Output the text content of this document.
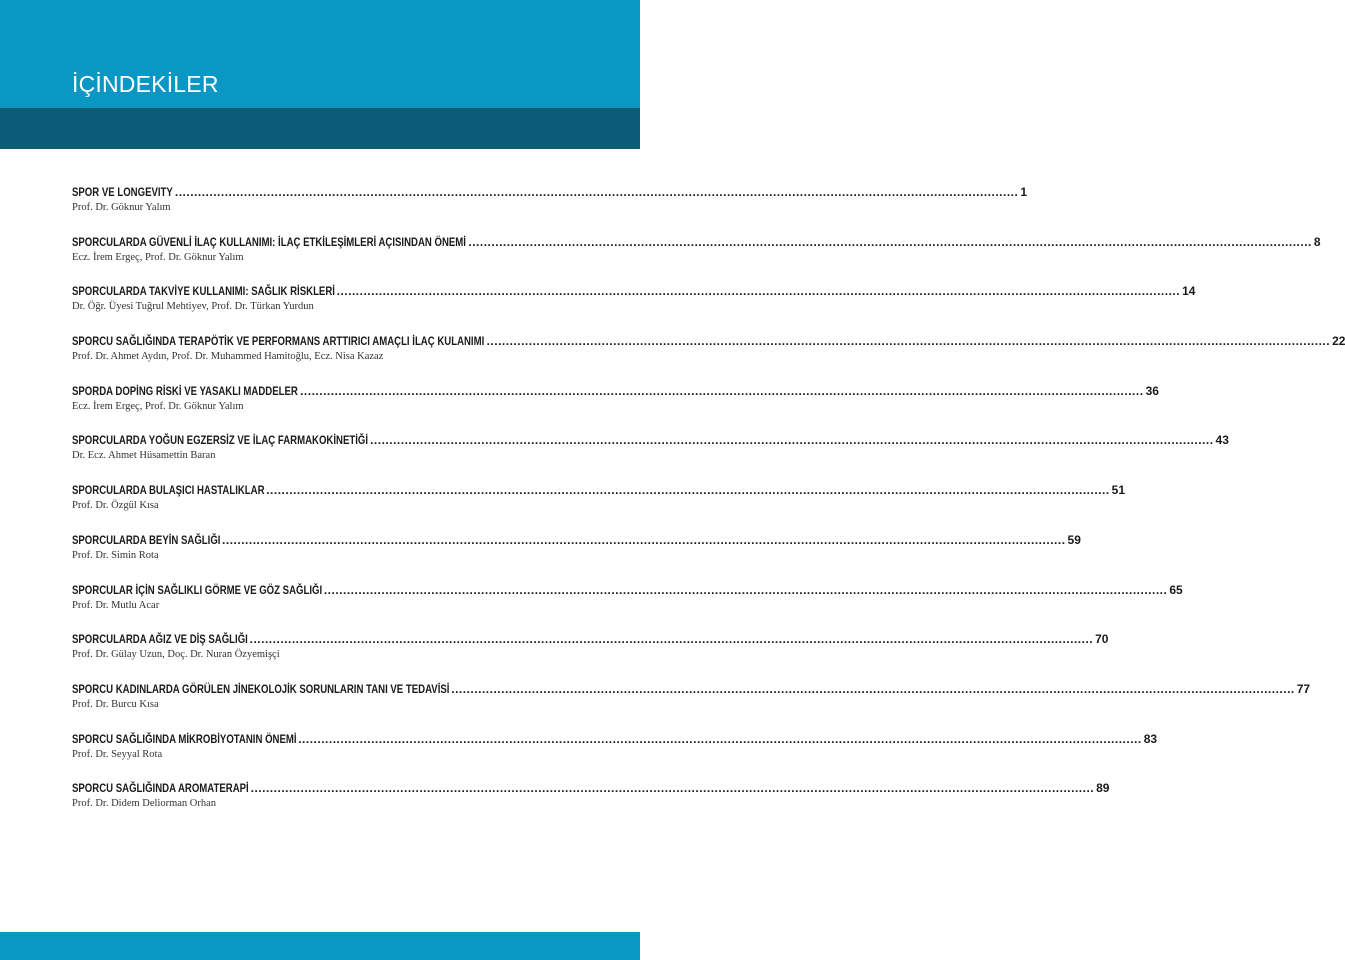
İÇİNDEKİLER
SPOR VE LONGEVITY ............................................................................................................................................................................................................................ 1
Prof. Dr. Göknur Yalım
SPORCULARDA GÜVENLİ İLAÇ KULLANIMI: İLAÇ ETKİLEŞİMLERİ AÇISINDAN ÖNEMİ ............................................................................................................................................................................................................................ 8
Ecz. İrem Ergeç, Prof. Dr. Göknur Yalım
SPORCULARDA TAKVİYE KULLANIMI: SAĞLIK RİSKLERİ ............................................................................................................................................................................................................................ 14
Dr. Öğr. Üyesi Tuğrul Mehtiyev, Prof. Dr. Türkan Yurdun
SPORCU SAĞLIĞINDA TERAPÖTİK VE PERFORMANS ARTTIRICI AMAÇLI İLAÇ KULANIMI ............................................................................................................................................................................................................................ 22
Prof. Dr. Ahmet Aydın, Prof. Dr. Muhammed Hamitoğlu, Ecz. Nisa Kazaz
SPORDA DOPİNG RİSKİ VE YASAKLI MADDELER ............................................................................................................................................................................................................................ 36
Ecz. İrem Ergeç, Prof. Dr. Göknur Yalım
SPORCULARDA YOĞUN EGZERSİZ VE İLAÇ FARMAKOKİNETİĞİ ............................................................................................................................................................................................................................ 43
Dr. Ecz. Ahmet Hüsamettin Baran
SPORCULARDA BULAŞICI HASTALIKLAR ............................................................................................................................................................................................................................ 51
Prof. Dr. Özgül Kısa
SPORCULARDA BEYİN SAĞLIĞI ............................................................................................................................................................................................................................ 59
Prof. Dr. Simin Rota
SPORCULAR İÇİN SAĞLIKLI GÖRME VE GÖZ SAĞLIĞI ............................................................................................................................................................................................................................ 65
Prof. Dr. Mutlu Acar
SPORCULARDA AĞIZ VE DİŞ SAĞLIĞI ............................................................................................................................................................................................................................ 70
Prof. Dr. Gülay Uzun, Doç. Dr. Nuran Özyemişçi
SPORCU KADINLARDA GÖRÜLEN JİNEKOLOJİK SORUNLARIN TANI VE TEDAVİSİ ............................................................................................................................................................................................................................ 77
Prof. Dr. Burcu Kısa
SPORCU SAĞLIĞINDA MİKROBİYOTANIN ÖNEMİ ............................................................................................................................................................................................................................ 83
Prof. Dr. Seyyal Rota
SPORCU SAĞLIĞINDA AROMATERAPİ ............................................................................................................................................................................................................................ 89
Prof. Dr. Didem Deliorman Orhan
